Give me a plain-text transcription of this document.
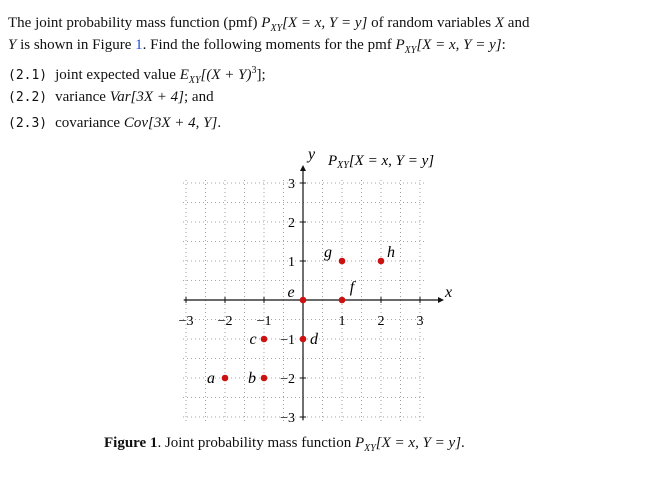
The joint probability mass function (pmf) $P_{XY}[X = x$, Y = y] of random variables X and
Y is shown in Figure 1. Find the following moments for the pmf $P_{XY}[X = x$, Y = y]:
(2.1) joint expected value $E_{XY}[(X + Y)^3]$;
(2.2) variance Var[3X + 4]; and
(2.3) covariance Cov[3X + 4, Y].
−3 −2 −1	1 2 3
3
2
1
−1
−2
−3
a b
c	d
e	f
g	h
y $P_{XY}[X = x$, Y = y]
x
Figure 1. Joint probability mass function $P_{XY}[X = x$, Y = y].
